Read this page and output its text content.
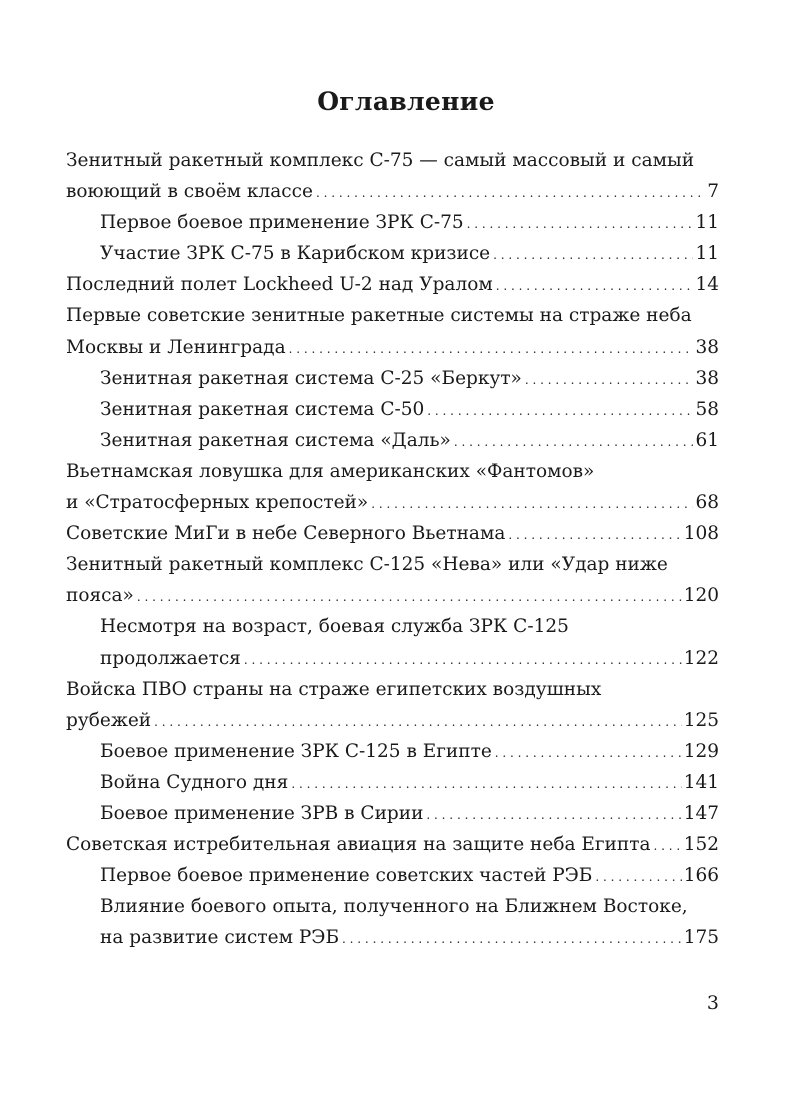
Оглавление
Зенитный ракетный комплекс С-75 — самый массовый и самый
воюющий в своём классе . . .	7
Первое боевое применение ЗРК С-75 . . .	11
Участие ЗРК С-75 в Карибском кризисе . . .	11
Последний полет Lockheed U-2 над Уралом . . .	14
Первые советские зенитные ракетные системы на страже неба
Москвы и Ленинграда . . .	38
Зенитная ракетная система С-25 «Беркут» . . .	38
Зенитная ракетная система С-50 . . .	58
Зенитная ракетная система «Даль» . . .	61
Вьетнамская ловушка для американских «Фантомов»
и «Стратосферных крепостей» . . .	68
Советские МиГи в небе Северного Вьетнама . . .	108
Зенитный ракетный комплекс С-125 «Нева» или «Удар ниже
пояса» . . .	120
Несмотря на возраст, боевая служба ЗРК С-125
продолжается . . .	122
Войска ПВО страны на страже египетских воздушных
рубежей . . .	125
Боевое применение ЗРК С-125 в Египте . . .	129
Война Судного дня . . .	141
Боевое применение ЗРВ в Сирии . . .	147
Советская истребительная авиация на защите неба Египта . . . 152
Первое боевое применение советских частей РЭБ . . .	166
Влияние боевого опыта, полученного на Ближнем Востоке,
на развитие систем РЭБ . . .	175
3
